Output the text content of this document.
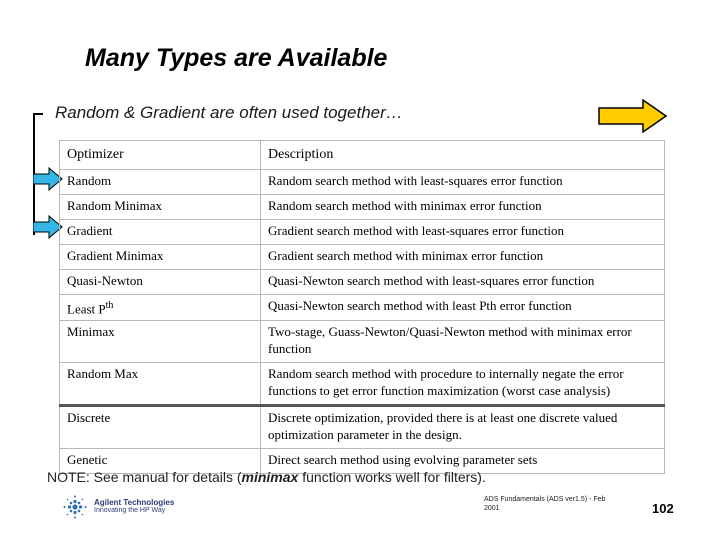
Many Types are Available
Random & Gradient are often used together…
Optimizer	Description
Random	Random search method with least-squares error function
Random Minimax	Random search method with minimax error function
Gradient	Gradient search method with least-squares error function
Gradient Minimax	Gradient search method with minimax error function
Quasi-Newton	Quasi-Newton search method with least-squares error function
Least $P^{th}$	Quasi-Newton search method with least Pth error function
Minimax	Two-stage, Guass-Newton/Quasi-Newton method with minimax error function
Random Max	Random search method with procedure to internally negate the error functions to get error function maximization (worst case analysis)
Discrete	Discrete optimization, provided there is at least one discrete valued optimization parameter in the design.
Genetic	Direct search method using evolving parameter sets
NOTE: See manual for details (minimax function works well for filters).
Agilent Technologies
Innovating the HP Way
ADS Fundamentals (ADS ver1.5) - Feb
2001	102
